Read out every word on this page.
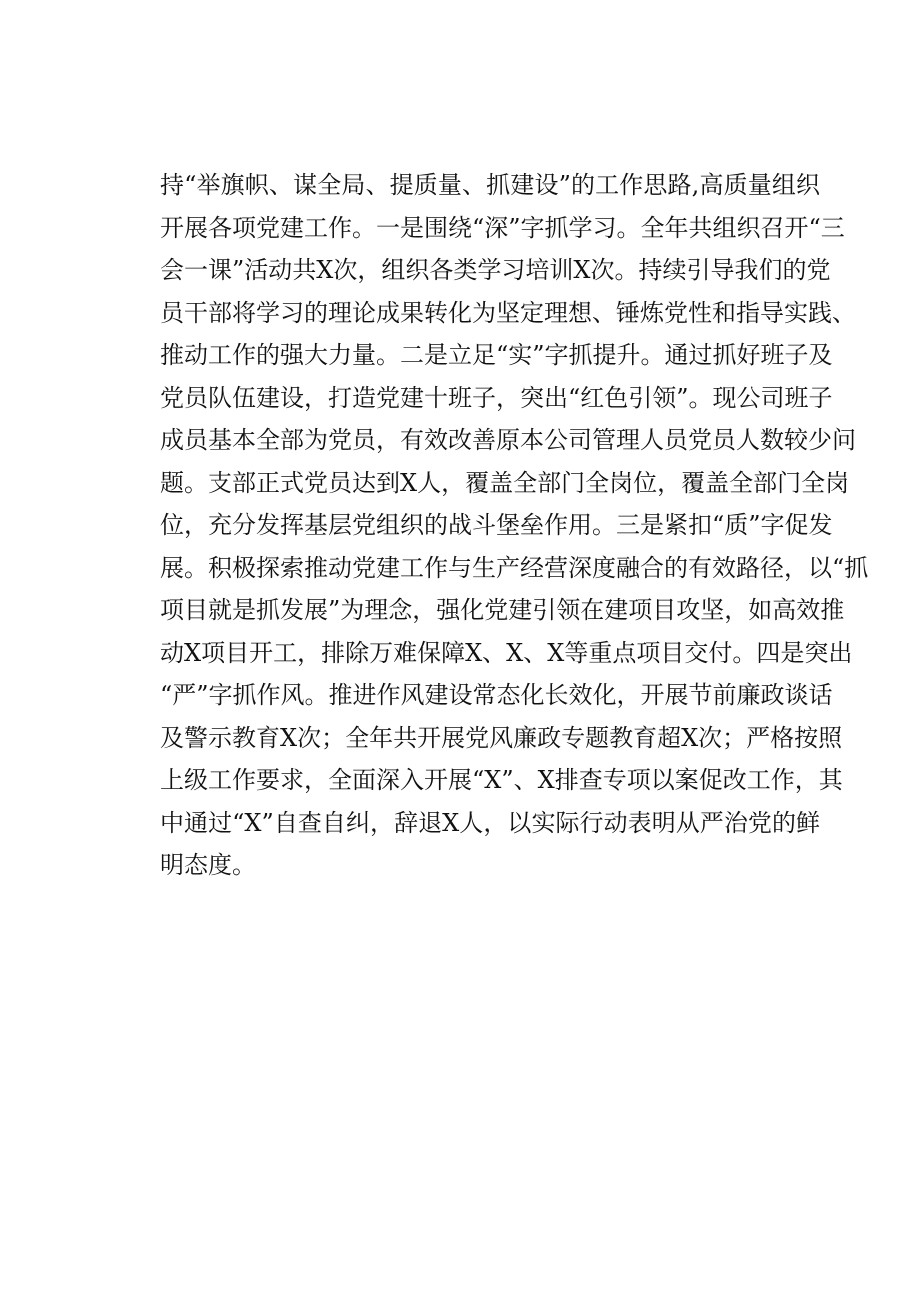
持“举旗帜、谋全局、提质量、抓建设”的工作思路,高质量组织
开展各项党建工作。一是围绕“深”字抓学习。全年共组织召开“三
会一课”活动共X次，组织各类学习培训X次。持续引导我们的党
员干部将学习的理论成果转化为坚定理想、锤炼党性和指导实践、
推动工作的强大力量。二是立足“实”字抓提升。通过抓好班子及
党员队伍建设，打造党建十班子，突出“红色引领”。现公司班子
成员基本全部为党员，有效改善原本公司管理人员党员人数较少问
题。支部正式党员达到X人，覆盖全部门全岗位，覆盖全部门全岗
位，充分发挥基层党组织的战斗堡垒作用。三是紧扣“质”字促发
展。积极探索推动党建工作与生产经营深度融合的有效路径，以“抓
项目就是抓发展”为理念，强化党建引领在建项目攻坚，如高效推
动X项目开工，排除万难保障X、X、X等重点项目交付。四是突出
“严”字抓作风。推进作风建设常态化长效化，开展节前廉政谈话
及警示教育X次；全年共开展党风廉政专题教育超X次；严格按照
上级工作要求，全面深入开展“X”、X排查专项以案促改工作，其
中通过“X”自查自纠，辞退X人，以实际行动表明从严治党的鲜
明态度。
